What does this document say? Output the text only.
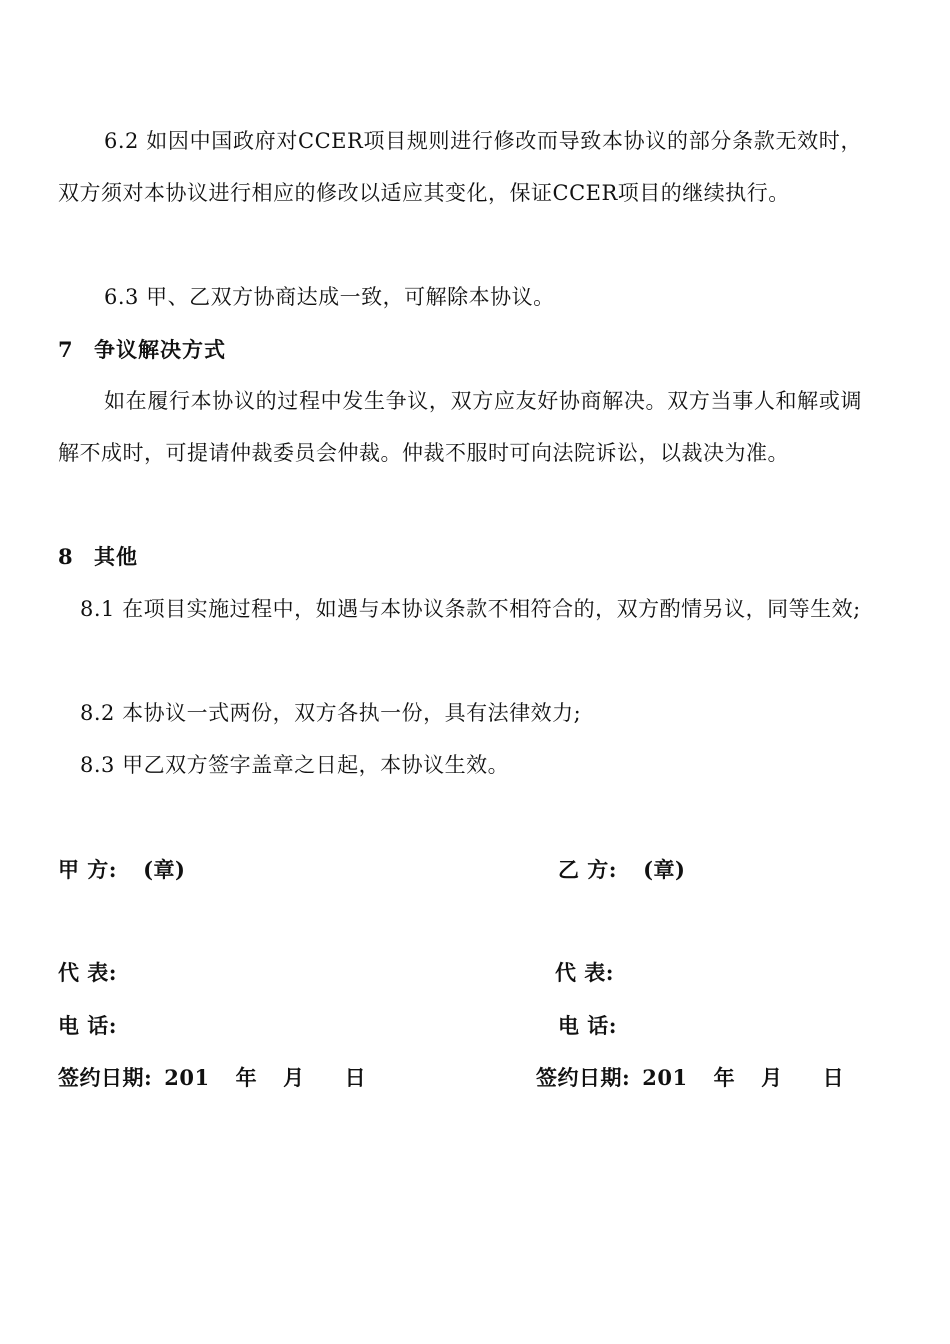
6.2 如因中国政府对CCER项目规则进行修改而导致本协议的部分条款无效时，双方须对本协议进行相应的修改以适应其变化，保证CCER项目的继续执行。
6.3 甲、乙双方协商达成一致，可解除本协议。
7 争议解决方式
如在履行本协议的过程中发生争议，双方应友好协商解决。双方当事人和解或调解不成时，可提请仲裁委员会仲裁。仲裁不服时可向法院诉讼，以裁决为准。
8 其他
8.1 在项目实施过程中，如遇与本协议条款不相符合的，双方酌情另议，同等生效;
8.2 本协议一式两份，双方各执一份，具有法律效力;
8.3 甲乙双方签字盖章之日起，本协议生效。
甲 方: (章)
代 表:
电 话:
签约日期: 201 年 月 日
乙 方: (章)
代 表:
电 话:
签约日期: 201 年 月 日
